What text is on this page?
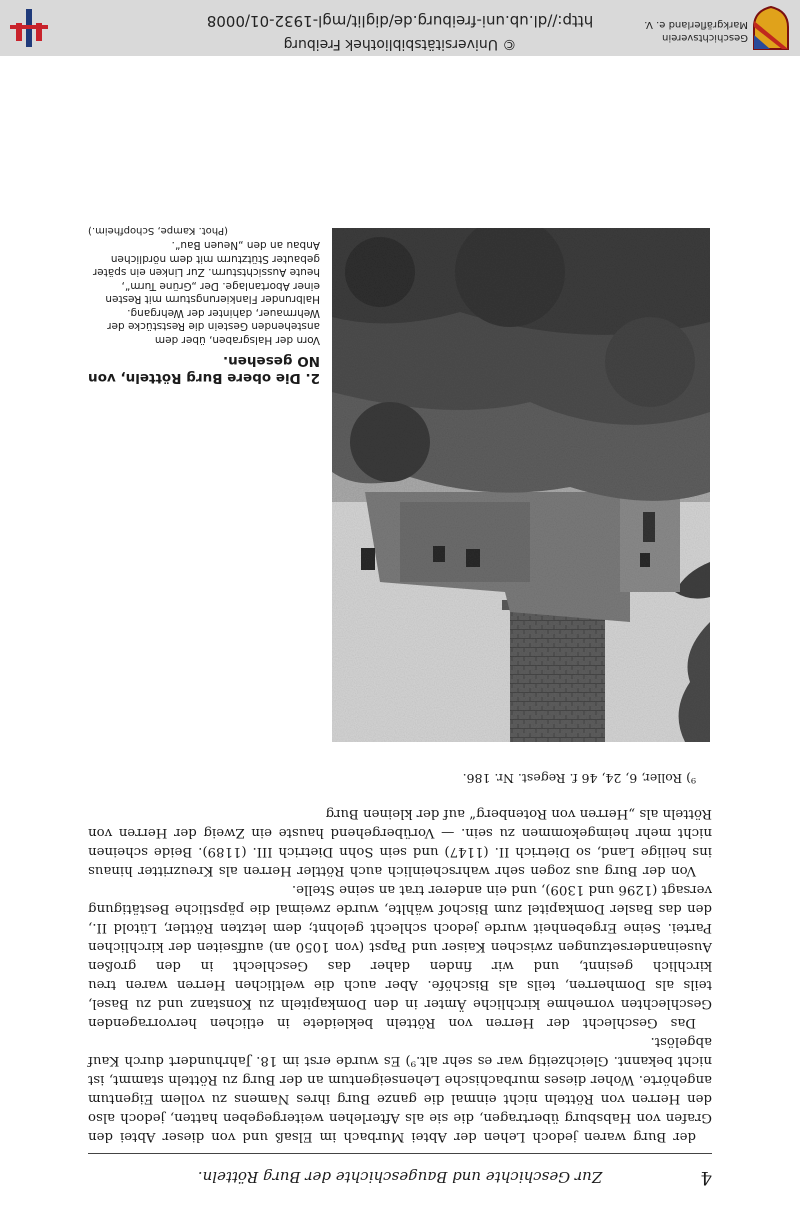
4
Zur Geschichte und Baugeschichte der Burg Rötteln.

der Burg waren jedoch Lehen der Abtei Murbach im Elsaß und von dieser Abtei den Grafen von Habsburg übertragen, die sie als Afterlehen weitergegeben hatten, jedoch also den Herren von Rötteln nicht einmal die ganze Burg ihres Namens zu vollem Eigentum angehörte. Woher dieses murbachische Lehenseigentum an der Burg zu Rötteln stammt, ist nicht bekannt. Gleichzeitig war es sehr alt.⁹) Es wurde erst im 18. Jahrhundert durch Kauf abgelöst.

Das Geschlecht der Herren von Rötteln bekleidete in etlichen hervorragenden Geschlechten vornehme kirchliche Ämter in den Domkapiteln zu Konstanz und zu Basel, teils als Domherren, teils als Bischöfe. Aber auch die weltlichen Herren waren treu kirchlich gesinnt, und wir finden daher das Geschlecht in den großen Auseinandersetzungen zwischen Kaiser und Papst (von 1050 an) auffseiten der kirchlichen Partei. Seine Ergebenheit wurde jedoch schlecht gelohnt; dem letzten Röttler, Lütold II., den das Basler Domkapitel zum Bischof wählte, wurde zweimal die päpstliche Bestätigung versagt (1296 und 1309), und ein anderer trat an seine Stelle.

Von der Burg aus zogen sehr wahrscheinlich auch Röttler Herren als Kreuzritter hinaus ins heilige Land, so Dietrich II. (1147) und sein Sohn Dietrich III. (1189). Beide scheinen nicht mehr heimgekommen zu sein. — Vorübergehend hauste ein Zweig der Herren von Rötteln als „Herren von Rotenberg“ auf der kleinen Burg

⁹) Roller, 6, 24, 46 f. Regest. Nr. 186.

2. Die obere Burg Rötteln, von NO gesehen.

Vorn der Halsgraben, über dem anstehenden Gestein die Reststücke der Wehrmauer, dahinter der Wehrgang. Halbrunder Flankierungsturm mit Resten einer Abortanlage. Der „Grüne Turm“, heute Aussichtsturm. Zur Linken ein später gebauter Stützturm mit dem nördlichen Anbau an den „Neuen Bau“.

(Phot. Kampe, Schopfheim.)

Geschichtsverein
Markgräflerland e. V.
© Universitätsbibliothek Freiburg
http://dl.ub.uni-freiburg.de/diglit/mgl-1932-01/0008
